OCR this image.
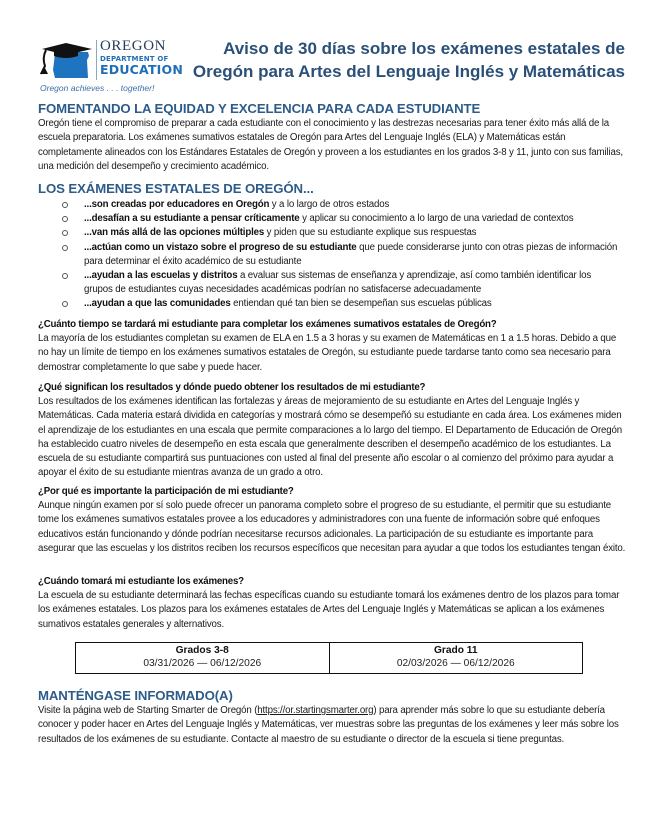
OREGON
DEPARTMENT OF
EDUCATION
Oregon achieves . . . together!
Aviso de 30 días sobre los exámenes estatales de
Oregón para Artes del Lenguaje Inglés y Matemáticas
FOMENTANDO LA EQUIDAD Y EXCELENCIA PARA CADA ESTUDIANTE
Oregón tiene el compromiso de preparar a cada estudiante con el conocimiento y las destrezas necesarias para tener éxito más allá de la escuela preparatoria. Los exámenes sumativos estatales de Oregón para Artes del Lenguaje Inglés (ELA) y Matemáticas están completamente alineados con los Estándares Estatales de Oregón y proveen a los estudiantes en los grados 3-8 y 11, junto con sus familias, una medición del desempeño y crecimiento académico.
LOS EXÁMENES ESTATALES DE OREGÓN...
...son creadas por educadores en Oregón y a lo largo de otros estados
...desafían a su estudiante a pensar críticamente y aplicar su conocimiento a lo largo de una variedad de contextos
...van más allá de las opciones múltiples y piden que su estudiante explique sus respuestas
...actúan como un vistazo sobre el progreso de su estudiante que puede considerarse junto con otras piezas de información para determinar el éxito académico de su estudiante
...ayudan a las escuelas y distritos a evaluar sus sistemas de enseñanza y aprendizaje, así como también identificar los grupos de estudiantes cuyas necesidades académicas podrían no satisfacerse adecuadamente
...ayudan a que las comunidades entiendan qué tan bien se desempeñan sus escuelas públicas
¿Cuánto tiempo se tardará mi estudiante para completar los exámenes sumativos estatales de Oregón?
La mayoría de los estudiantes completan su examen de ELA en 1.5 a 3 horas y su examen de Matemáticas en 1 a 1.5 horas. Debido a que no hay un límite de tiempo en los exámenes sumativos estatales de Oregón, su estudiante puede tardarse tanto como sea necesario para demostrar completamente lo que sabe y puede hacer.
¿Qué significan los resultados y dónde puedo obtener los resultados de mi estudiante?
Los resultados de los exámenes identifican las fortalezas y áreas de mejoramiento de su estudiante en Artes del Lenguaje Inglés y Matemáticas. Cada materia estará dividida en categorías y mostrará cómo se desempeñó su estudiante en cada área. Los exámenes miden el aprendizaje de los estudiantes en una escala que permite comparaciones a lo largo del tiempo. El Departamento de Educación de Oregón ha establecido cuatro niveles de desempeño en esta escala que generalmente describen el desempeño académico de los estudiantes. La escuela de su estudiante compartirá sus puntuaciones con usted al final del presente año escolar o al comienzo del próximo para ayudar a apoyar el éxito de su estudiante mientras avanza de un grado a otro.
¿Por qué es importante la participación de mi estudiante?
Aunque ningún examen por sí solo puede ofrecer un panorama completo sobre el progreso de su estudiante, el permitir que su estudiante tome los exámenes sumativos estatales provee a los educadores y administradores con una fuente de información sobre qué enfoques educativos están funcionando y dónde podrían necesitarse recursos adicionales. La participación de su estudiante es importante para asegurar que las escuelas y los distritos reciben los recursos específicos que necesitan para ayudar a que todos los estudiantes tengan éxito.
¿Cuándo tomará mi estudiante los exámenes?
La escuela de su estudiante determinará las fechas específicas cuando su estudiante tomará los exámenes dentro de los plazos para tomar los exámenes estatales. Los plazos para los exámenes estatales de Artes del Lenguaje Inglés y Matemáticas se aplican a los exámenes sumativos estatales generales y alternativos.
Grados 3-8
03/31/2026 — 06/12/2026
Grado 11
02/03/2026 — 06/12/2026
MANTÉNGASE INFORMADO(A)
Visite la página web de Starting Smarter de Oregón (https://or.startingsmarter.org) para aprender más sobre lo que su estudiante debería conocer y poder hacer en Artes del Lenguaje Inglés y Matemáticas, ver muestras sobre las preguntas de los exámenes y leer más sobre los resultados de los exámenes de su estudiante. Contacte al maestro de su estudiante o director de la escuela si tiene preguntas.
